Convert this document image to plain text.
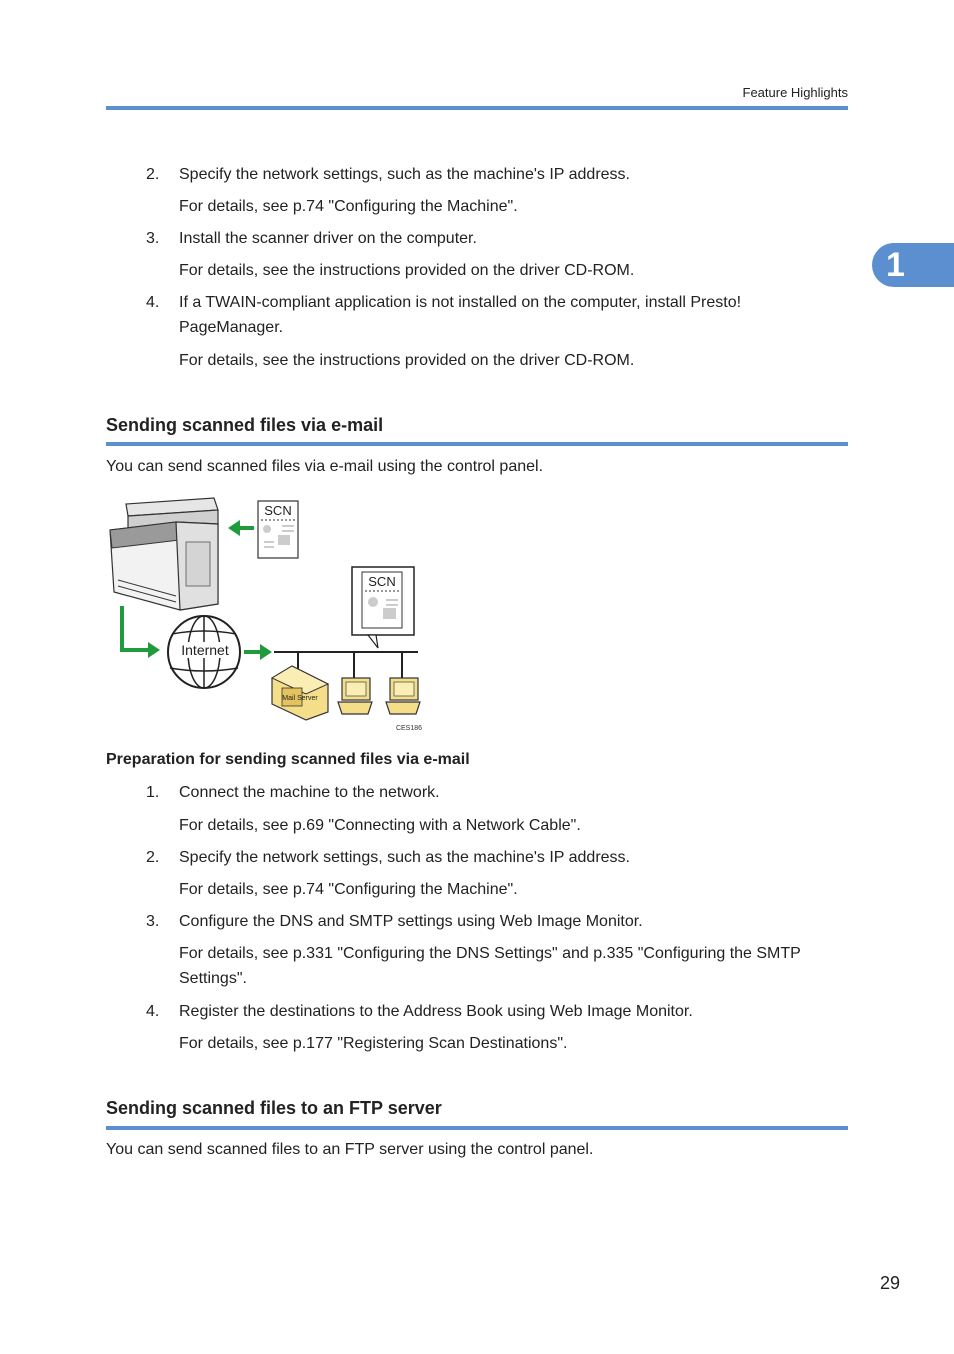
Feature Highlights
1
2. Specify the network settings, such as the machine's IP address.
For details, see p.74 "Configuring the Machine".
3. Install the scanner driver on the computer.
For details, see the instructions provided on the driver CD-ROM.
4. If a TWAIN-compliant application is not installed on the computer, install Presto!
PageManager.
For details, see the instructions provided on the driver CD-ROM.
Sending scanned files via e-mail
You can send scanned files via e-mail using the control panel.
SCN
Internet
SCN
Mail Server
CES186
Preparation for sending scanned files via e-mail
1. Connect the machine to the network.
For details, see p.69 "Connecting with a Network Cable".
2. Specify the network settings, such as the machine's IP address.
For details, see p.74 "Configuring the Machine".
3. Configure the DNS and SMTP settings using Web Image Monitor.
For details, see p.331 "Configuring the DNS Settings" and p.335 "Configuring the SMTP
Settings".
4. Register the destinations to the Address Book using Web Image Monitor.
For details, see p.177 "Registering Scan Destinations".
Sending scanned files to an FTP server
You can send scanned files to an FTP server using the control panel.
29
